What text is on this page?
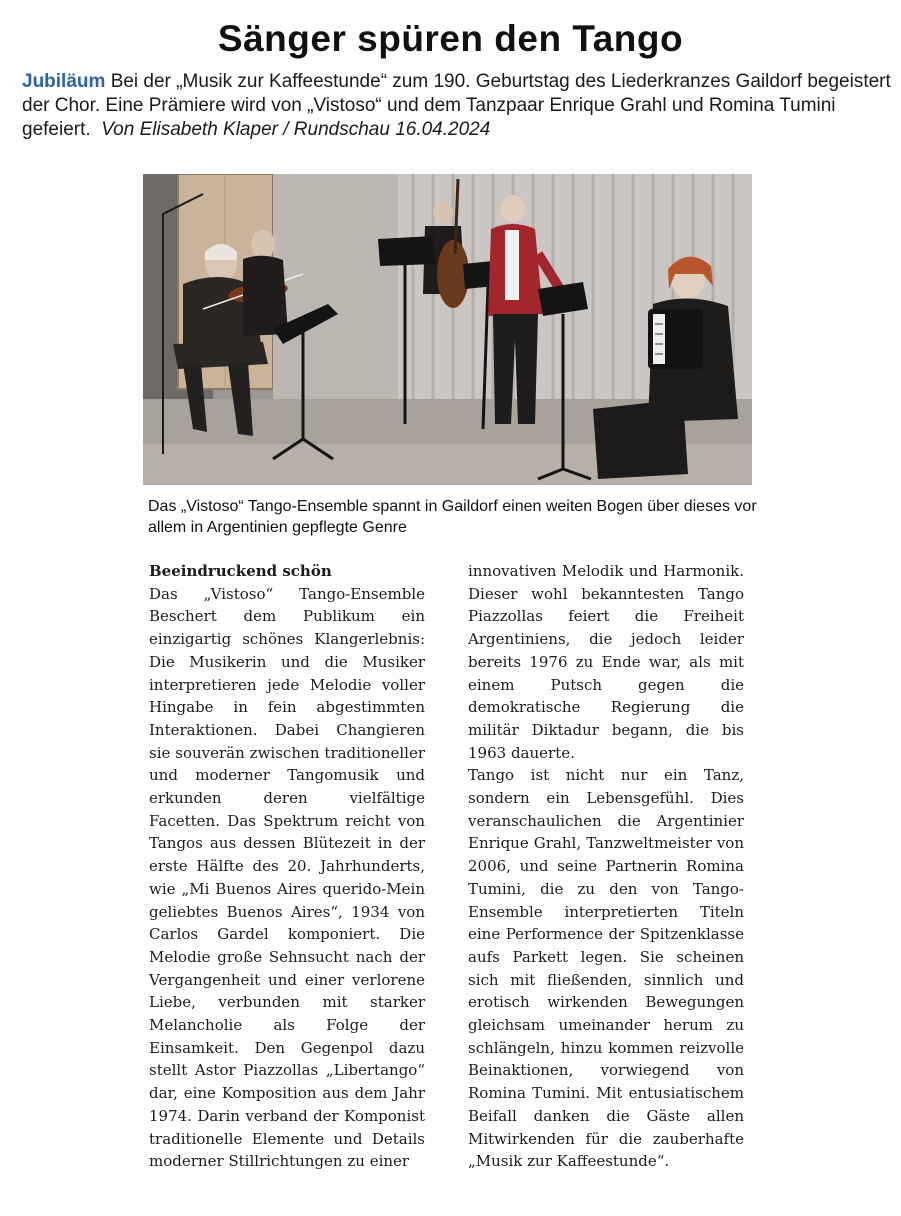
Sänger spüren den Tango
Jubiläum Bei der „Musik zur Kaffeestunde“ zum 190. Geburtstag des Liederkranzes Gaildorf begeistert der Chor. Eine Prämiere wird von „Vistoso“ und dem Tanzpaar Enrique Grahl und Romina Tumini gefeiert. Von Elisabeth Klaper / Rundschau 16.04.2024
Das „Vistoso“ Tango-Ensemble spannt in Gaildorf einen weiten Bogen über dieses vor allem in Argentinien gepflegte Genre

Beeindruckend schön

Das „Vistoso“ Tango-Ensemble Beschert dem Publikum ein einzigartig schönes Klangerlebnis: Die Musikerin und die Musiker interpretieren jede Melodie voller Hingabe in fein abgestimmten Interaktionen. Dabei Changieren sie souverän zwischen traditioneller und moderner Tangomusik und erkunden deren vielfältige Facetten. Das Spektrum reicht von Tangos aus dessen Blütezeit in der erste Hälfte des 20. Jahrhunderts, wie „Mi Buenos Aires querido-Mein geliebtes Buenos Aires“, 1934 von Carlos Gardel komponiert. Die Melodie große Sehnsucht nach der Vergangenheit und einer verlorene Liebe, verbunden mit starker Melancholie als Folge der Einsamkeit. Den Gegenpol dazu stellt Astor Piazzollas „Libertango“ dar, eine Komposition aus dem Jahr 1974. Darin verband der Komponist traditionelle Elemente und Details moderner Stillrichtungen zu einer

innovativen Melodik und Harmonik. Dieser wohl bekanntesten Tango Piazzollas feiert die Freiheit Argentiniens, die jedoch leider bereits 1976 zu Ende war, als mit einem Putsch gegen die demokratische Regierung die militär Diktadur begann, die bis 1963 dauerte.

Tango ist nicht nur ein Tanz, sondern ein Lebensgefühl. Dies veranschaulichen die Argentinier Enrique Grahl, Tanzweltmeister von 2006, und seine Partnerin Romina Tumini, die zu den von Tango-Ensemble interpretierten Titeln eine Performence der Spitzenklasse aufs Parkett legen. Sie scheinen sich mit fließenden, sinnlich und erotisch wirkenden Bewegungen gleichsam umeinander herum zu schlängeln, hinzu kommen reizvolle Beinaktionen, vorwiegend von Romina Tumini. Mit entusiatischem Beifall danken die Gäste allen Mitwirkenden für die zauberhafte „Musik zur Kaffeestunde“.
